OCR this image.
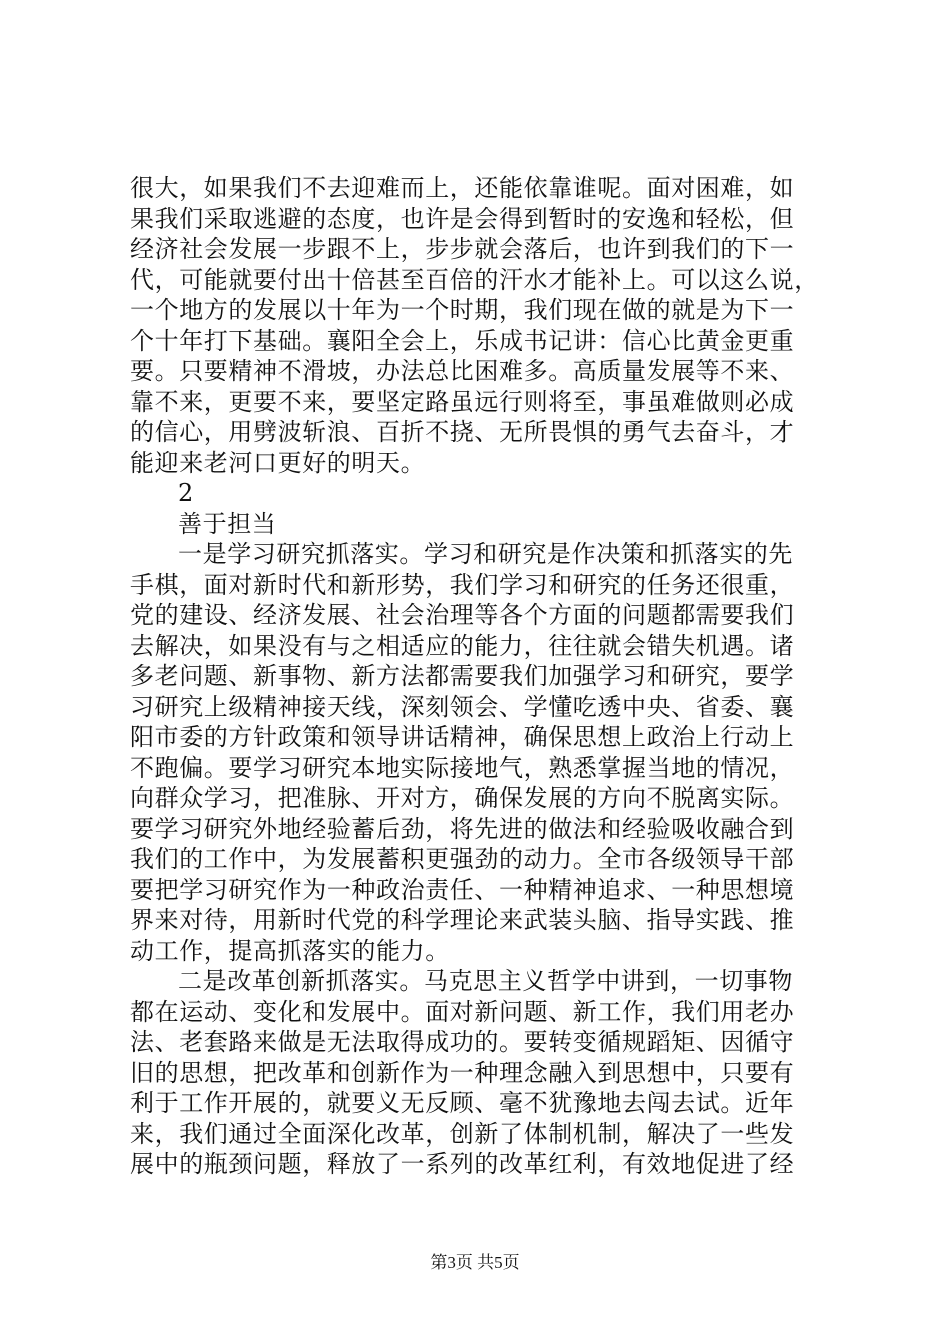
很大，如果我们不去迎难而上，还能依靠谁呢。面对困难，如
果我们采取逃避的态度，也许是会得到暂时的安逸和轻松，但
经济社会发展一步跟不上，步步就会落后，也许到我们的下一
代，可能就要付出十倍甚至百倍的汗水才能补上。可以这么说，
一个地方的发展以十年为一个时期，我们现在做的就是为下一
个十年打下基础。襄阳全会上，乐成书记讲：信心比黄金更重
要。只要精神不滑坡，办法总比困难多。高质量发展等不来、
靠不来，更要不来，要坚定路虽远行则将至，事虽难做则必成
的信心，用劈波斩浪、百折不挠、无所畏惧的勇气去奋斗，才
能迎来老河口更好的明天。
2
善于担当
一是学习研究抓落实。学习和研究是作决策和抓落实的先
手棋，面对新时代和新形势，我们学习和研究的任务还很重，
党的建设、经济发展、社会治理等各个方面的问题都需要我们
去解决，如果没有与之相适应的能力，往往就会错失机遇。诸
多老问题、新事物、新方法都需要我们加强学习和研究，要学
习研究上级精神接天线，深刻领会、学懂吃透中央、省委、襄
阳市委的方针政策和领导讲话精神，确保思想上政治上行动上
不跑偏。要学习研究本地实际接地气，熟悉掌握当地的情况，
向群众学习，把准脉、开对方，确保发展的方向不脱离实际。
要学习研究外地经验蓄后劲，将先进的做法和经验吸收融合到
我们的工作中，为发展蓄积更强劲的动力。全市各级领导干部
要把学习研究作为一种政治责任、一种精神追求、一种思想境
界来对待，用新时代党的科学理论来武装头脑、指导实践、推
动工作，提高抓落实的能力。
二是改革创新抓落实。马克思主义哲学中讲到，一切事物
都在运动、变化和发展中。面对新问题、新工作，我们用老办
法、老套路来做是无法取得成功的。要转变循规蹈矩、因循守
旧的思想，把改革和创新作为一种理念融入到思想中，只要有
利于工作开展的，就要义无反顾、毫不犹豫地去闯去试。近年
来，我们通过全面深化改革，创新了体制机制，解决了一些发
展中的瓶颈问题，释放了一系列的改革红利，有效地促进了经
第3页 共5页
